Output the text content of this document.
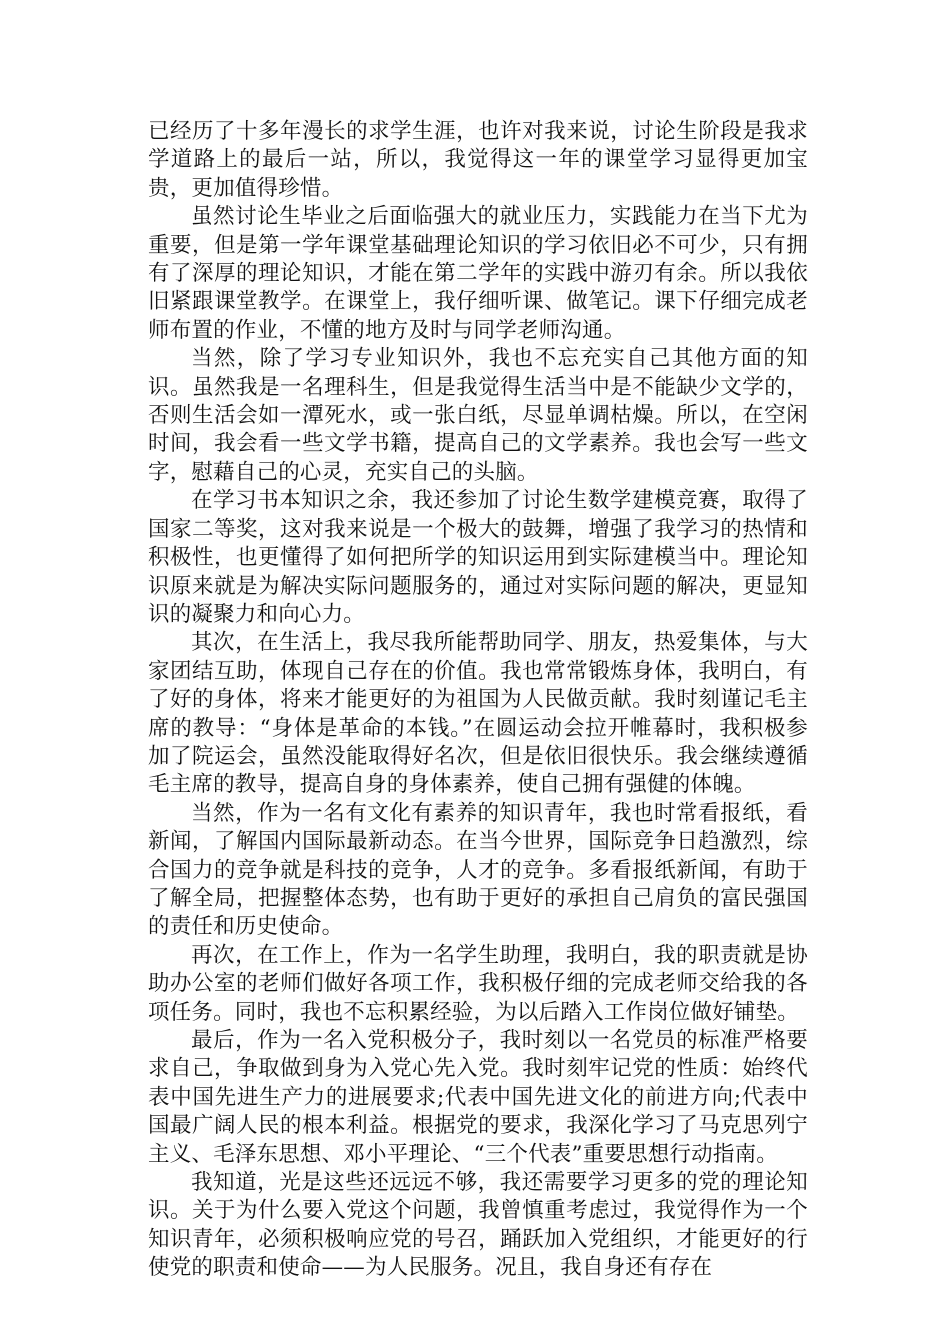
已经历了十多年漫长的求学生涯，也许对我来说，讨论生阶段是我求学道路上的最后一站，所以，我觉得这一年的课堂学习显得更加宝贵，更加值得珍惜。

虽然讨论生毕业之后面临强大的就业压力，实践能力在当下尤为重要，但是第一学年课堂基础理论知识的学习依旧必不可少，只有拥有了深厚的理论知识，才能在第二学年的实践中游刃有余。所以我依旧紧跟课堂教学。在课堂上，我仔细听课、做笔记。课下仔细完成老师布置的作业，不懂的地方及时与同学老师沟通。

当然，除了学习专业知识外，我也不忘充实自己其他方面的知识。虽然我是一名理科生，但是我觉得生活当中是不能缺少文学的，否则生活会如一潭死水，或一张白纸，尽显单调枯燥。所以，在空闲时间，我会看一些文学书籍，提高自己的文学素养。我也会写一些文字，慰藉自己的心灵，充实自己的头脑。

在学习书本知识之余，我还参加了讨论生数学建模竞赛，取得了国家二等奖，这对我来说是一个极大的鼓舞，增强了我学习的热情和积极性，也更懂得了如何把所学的知识运用到实际建模当中。理论知识原来就是为解决实际问题服务的，通过对实际问题的解决，更显知识的凝聚力和向心力。

其次，在生活上，我尽我所能帮助同学、朋友，热爱集体，与大家团结互助，体现自己存在的价值。我也常常锻炼身体，我明白，有了好的身体，将来才能更好的为祖国为人民做贡献。我时刻谨记毛主席的教导：“身体是革命的本钱。”在圆运动会拉开帷幕时，我积极参加了院运会，虽然没能取得好名次，但是依旧很快乐。我会继续遵循毛主席的教导，提高自身的身体素养，使自己拥有强健的体魄。

当然，作为一名有文化有素养的知识青年，我也时常看报纸，看新闻，了解国内国际最新动态。在当今世界，国际竞争日趋激烈，综合国力的竞争就是科技的竞争，人才的竞争。多看报纸新闻，有助于了解全局，把握整体态势，也有助于更好的承担自己肩负的富民强国的责任和历史使命。

再次，在工作上，作为一名学生助理，我明白，我的职责就是协助办公室的老师们做好各项工作，我积极仔细的完成老师交给我的各项任务。同时，我也不忘积累经验，为以后踏入工作岗位做好铺垫。

最后，作为一名入党积极分子，我时刻以一名党员的标准严格要求自己，争取做到身为入党心先入党。我时刻牢记党的性质：始终代表中国先进生产力的进展要求;代表中国先进文化的前进方向;代表中国最广阔人民的根本利益。根据党的要求，我深化学习了马克思列宁主义、毛泽东思想、邓小平理论、“三个代表”重要思想行动指南。

我知道，光是这些还远远不够，我还需要学习更多的党的理论知识。关于为什么要入党这个问题，我曾慎重考虑过，我觉得作为一个知识青年，必须积极响应党的号召，踊跃加入党组织，才能更好的行使党的职责和使命——为人民服务。况且，我自身还有存在
